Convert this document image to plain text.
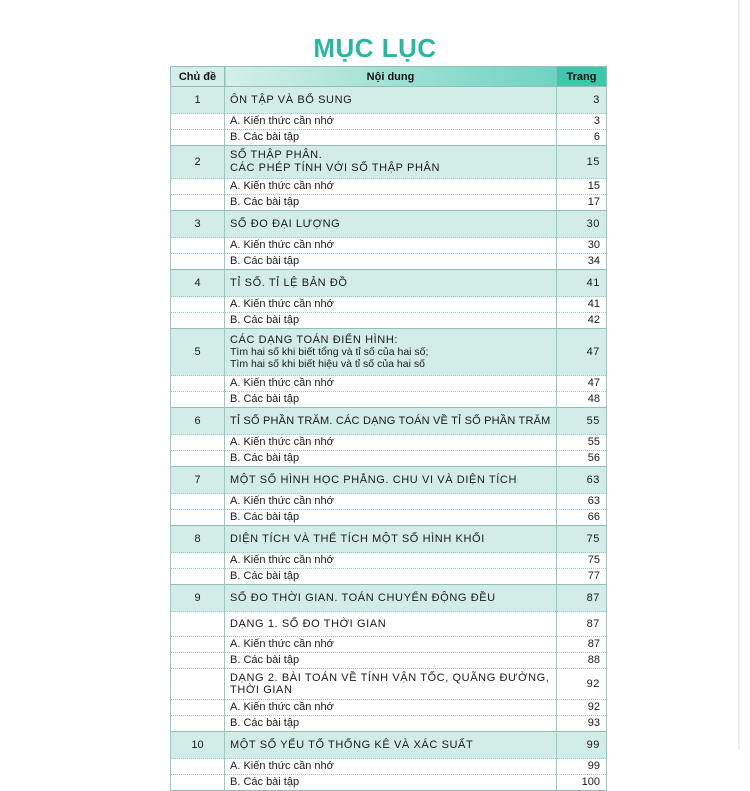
MỤC LỤC
Chủ đề	Nội dung	Trang
1	ÔN TẬP VÀ BỔ SUNG	3
	A. Kiến thức cần nhớ	3
	B. Các bài tập	6
2	SỐ THẬP PHÂN.
CÁC PHÉP TÍNH VỚI SỐ THẬP PHÂN	15
	A. Kiến thức cần nhớ	15
	B. Các bài tập	17
3	SỐ ĐO ĐẠI LƯỢNG	30
	A. Kiến thức cần nhớ	30
	B. Các bài tập	34
4	TỈ SỐ. TỈ LỆ BẢN ĐỒ	41
	A. Kiến thức cần nhớ	41
	B. Các bài tập	42
5	CÁC DẠNG TOÁN ĐIỂN HÌNH:
Tìm hai số khi biết tổng và tỉ số của hai số;
Tìm hai số khi biết hiệu và tỉ số của hai số	47
	A. Kiến thức cần nhớ	47
	B. Các bài tập	48
6	TỈ SỐ PHẦN TRĂM. CÁC DẠNG TOÁN VỀ TỈ SỐ PHẦN TRĂM	55
	A. Kiến thức cần nhớ	55
	B. Các bài tập	56
7	MỘT SỐ HÌNH HỌC PHẲNG. CHU VI VÀ DIỆN TÍCH	63
	A. Kiến thức cần nhớ	63
	B. Các bài tập	66
8	DIỆN TÍCH VÀ THỂ TÍCH MỘT SỐ HÌNH KHỐI	75
	A. Kiến thức cần nhớ	75
	B. Các bài tập	77
9	SỐ ĐO THỜI GIAN. TOÁN CHUYỂN ĐỘNG ĐỀU	87
	DẠNG 1. SỐ ĐO THỜI GIAN	87
	A. Kiến thức cần nhớ	87
	B. Các bài tập	88
	DẠNG 2. BÀI TOÁN VỀ TÍNH VẬN TỐC, QUÃNG ĐƯỜNG,
THỜI GIAN	92
	A. Kiến thức cần nhớ	92
	B. Các bài tập	93
10	MỘT SỐ YẾU TỐ THỐNG KÊ VÀ XÁC SUẤT	99
	A. Kiến thức cần nhớ	99
	B. Các bài tập	100
